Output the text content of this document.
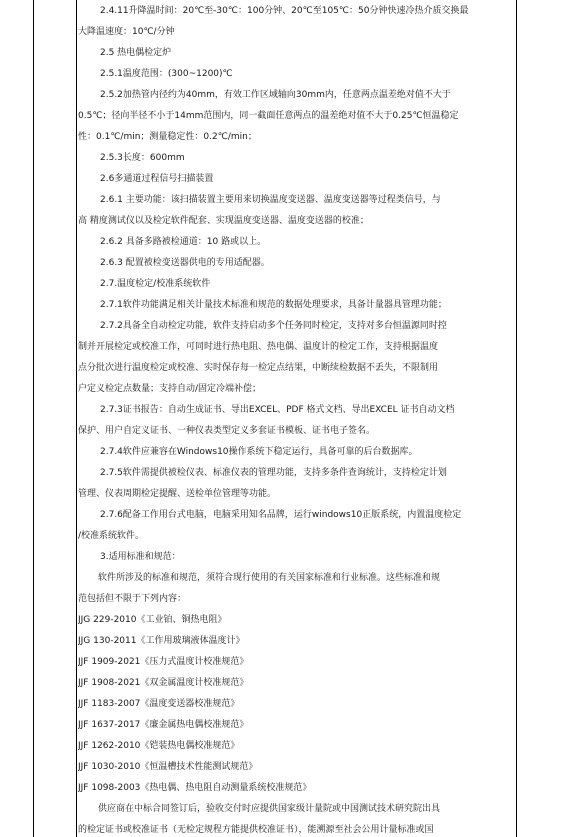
2.4.11升降温时间：20℃至-30℃：100分钟、20℃至105℃：50分钟快速冷热介质交换最
大降温速度：10℃/分钟
2.5 热电偶检定炉
2.5.1温度范围：(300~1200)℃
2.5.2加热管内径约为40mm，有效工作区域轴向30mm内，任意两点温差绝对值不大于
0.5℃；径向半径不小于14mm范围内，同一截面任意两点的温差绝对值不大于0.25℃恒温稳定
性：0.1℃/min；测量稳定性：0.2℃/min；
2.5.3长度：600mm
2.6多通道过程信号扫描装置
2.6.1 主要功能：该扫描装置主要用来切换温度变送器、温度变送器等过程类信号，与
高 精度测试仪以及检定软件配套、实现温度变送器、温度变送器的校准；
2.6.2 具备多路被检通道：10 路或以上。
2.6.3 配置被检变送器供电的专用适配器。
2.7.温度检定/校准系统软件
2.7.1软件功能满足相关计量技术标准和规范的数据处理要求，具备计量器具管理功能；
2.7.2具备全自动检定功能，软件支持启动多个任务同时检定，支持对多台恒温源同时控
制并开展检定或校准工作，可同时进行热电阻、热电偶、温度计的检定工作，支持根据温度
点分批次进行温度检定或校准、实时保存每一检定点结果，中断续检数据不丢失，不限制用
户定义检定点数量；支持自动/固定冷端补偿；
2.7.3证书报告：自动生成证书、导出EXCEL、PDF 格式文档、导出EXCEL 证书自动文档
保护、用户自定义证书、一种仪表类型定义多套证书模板、证书电子签名。
2.7.4软件应兼容在Windows10操作系统下稳定运行，具备可靠的后台数据库。
2.7.5软件需提供被检仪表、标准仪表的管理功能，支持多条件查询统计，支持检定计划
管理、仪表周期检定提醒、送检单位管理等功能。
2.7.6配备工作用台式电脑，电脑采用知名品牌，运行windows10正版系统，内置温度检定
/校准系统软件。
3.适用标准和规范：
软件所涉及的标准和规范，须符合现行使用的有关国家标准和行业标准。这些标准和规
范包括但不限于下列内容：
JJG 229-2010《工业铂、铜热电阻》
JJG 130-2011《工作用玻璃液体温度计》
JJF 1909-2021《压力式温度计校准规范》
JJF 1908-2021《双金属温度计校准规范》
JJF 1183-2007《温度变送器校准规范》
JJF 1637-2017《廉金属热电偶校准规范》
JJF 1262-2010《铠装热电偶校准规范》
JJF 1030-2010《恒温槽技术性能测试规范》
JJF 1098-2003《热电偶、热电阻自动测量系统校准规范》
供应商在中标合同签订后，验收交付时应提供国家级计量院或中国测试技术研究院出具
的检定证书或校准证书（无检定规程方能提供校准证书），能溯源至社会公用计量标准或国
